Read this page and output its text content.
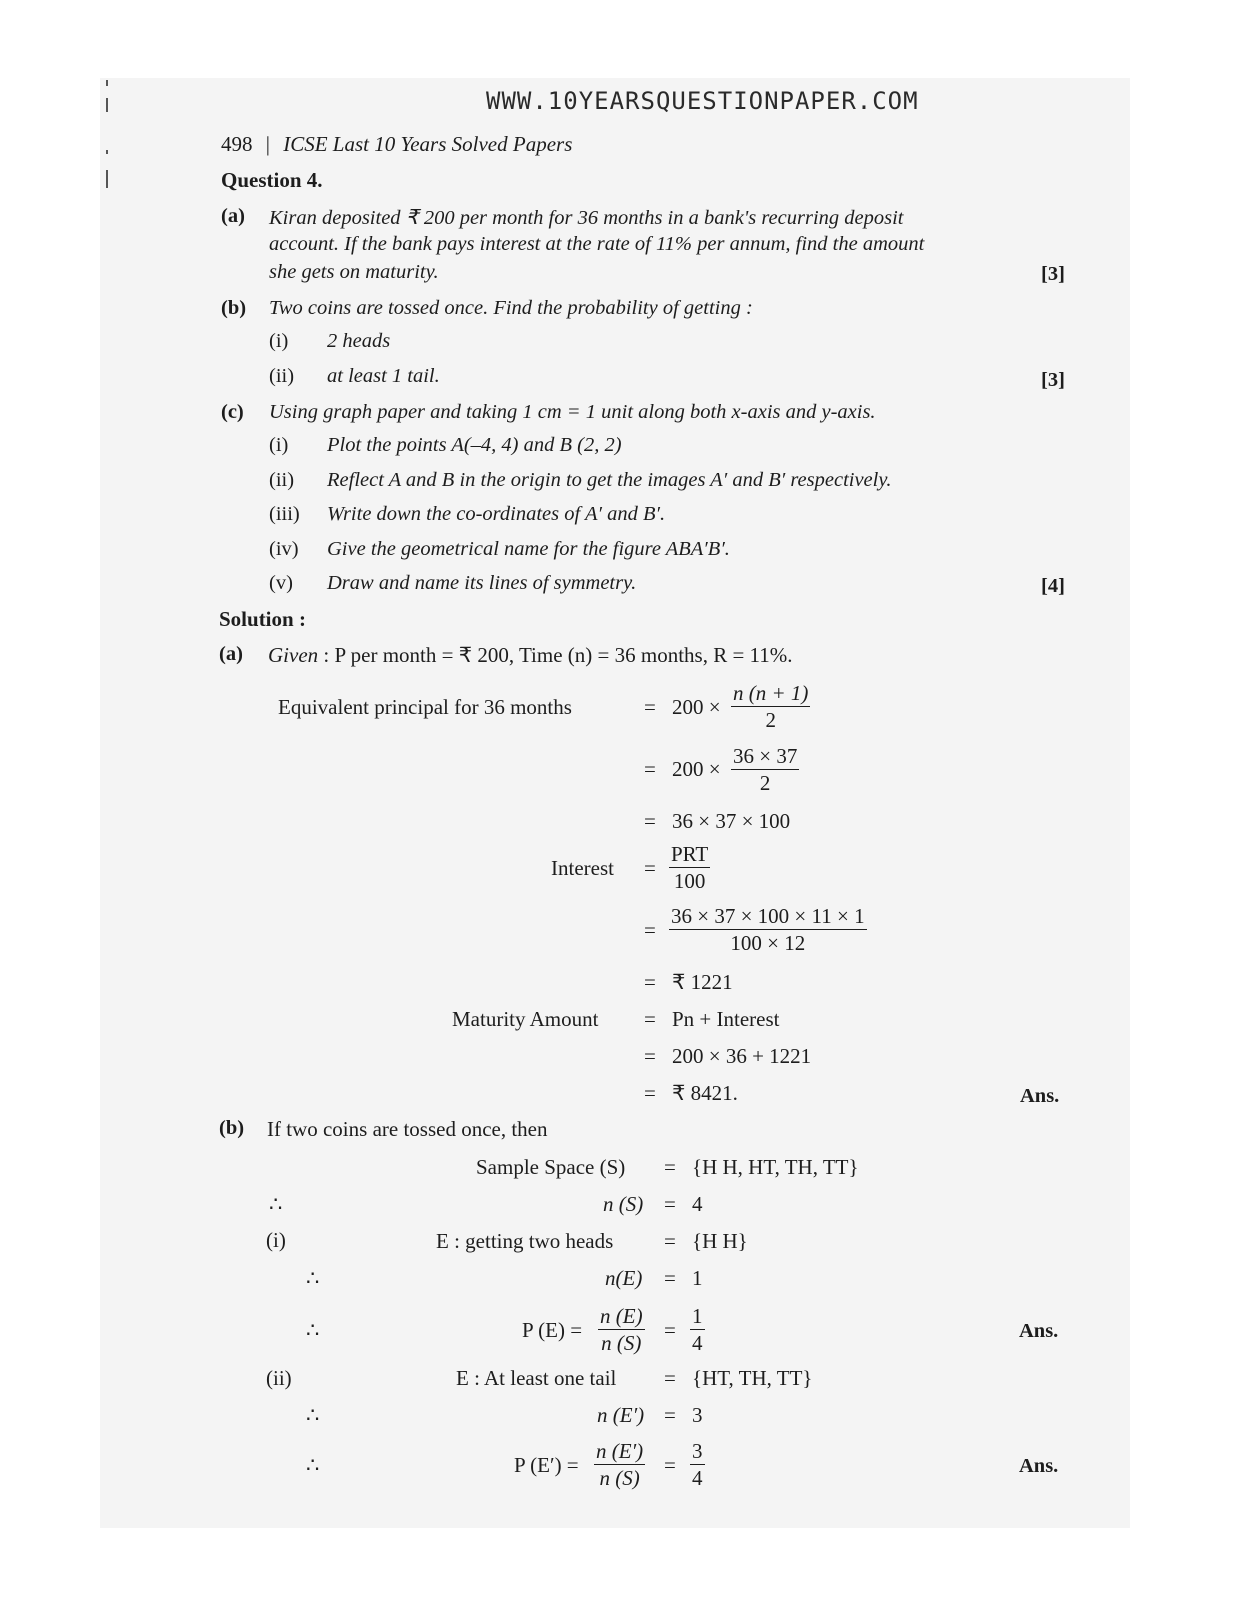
WWW.10YEARSQUESTIONPAPER.COM
498 | ICSE Last 10 Years Solved Papers
Question 4.
(a) Kiran deposited ₹ 200 per month for 36 months in a bank's recurring deposit
account. If the bank pays interest at the rate of 11% per annum, find the amount
she gets on maturity.	[3]
(b) Two coins are tossed once. Find the probability of getting :
(i) 2 heads
(ii) at least 1 tail.	[3]
(c) Using graph paper and taking 1 cm = 1 unit along both x-axis and y-axis.
(i) Plot the points A(–4, 4) and B (2, 2)
(ii) Reflect A and B in the origin to get the images A′ and B′ respectively.
(iii) Write down the co-ordinates of A′ and B′.
(iv) Give the geometrical name for the figure ABA′B′.
(v) Draw and name its lines of symmetry.	[4]
Solution :
(a) Given : P per month = ₹ 200, Time (n) = 36 months, R = 11%.
Equivalent principal for 36 months	= $200 \times \frac{n (n + 1)}{2}$
= $200 \times \frac{36 \times 37}{2}$
= 36 × 37 × 100
Interest =
PRT
100
= $\frac{36 \times 37 \times 100 \times 11 \times 1}{100 \times 12}$
= ₹ 1221
Maturity Amount = Pn + Interest
= 200 × 36 + 1221
= ₹ 8421.	Ans.
(b) If two coins are tossed once, then
Sample Space (S) = {H H, HT, TH, TT}
∴	n (S) = 4
(i)	E : getting two heads = {H H}
∴	n(E) = 1
∴	P $(E) = \frac{n (E)}{n (S)} = \frac{1}{4}$	Ans.
(ii)	E : At least one tail = {HT, TH, TT}
∴	n (E′) = 3
∴	P $(E') = \frac{n (E')}{n (S)} = \frac{3}{4}$	Ans.
